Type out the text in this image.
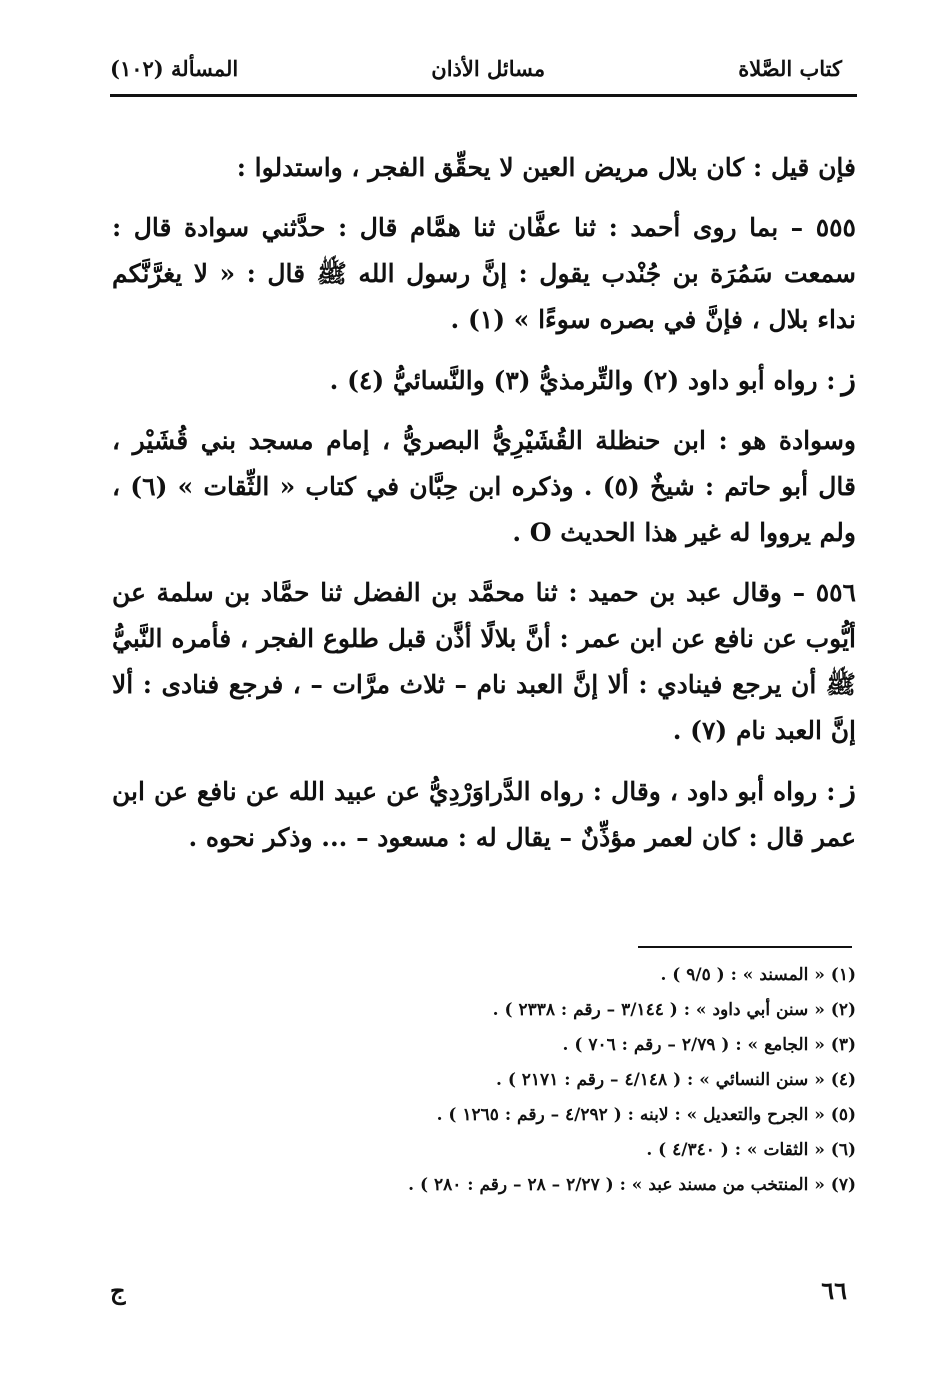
كتاب الصَّلاة
مسائل الأذان
المسألة (١٠٢)

فإن قيل : كان بلال مريض العين لا يحقِّق الفجر ، واستدلوا :

٥٥٥ – بما روى أحمد : ثنا عفَّان ثنا همَّام قال : حدَّثني سوادة قال : سمعت سَمُرَة بن جُنْدب يقول : إنَّ رسول الله ﷺ قال : « لا يغرَّنَّكم نداء بلال ، فإنَّ في بصره سوءًا » (١) .

ز: رواه أبو داود (٢) والتِّرمذيُّ (٣) والنَّسائيُّ (٤) .

وسوادة هو : ابن حنظلة القُشَيْرِيُّ البصريُّ ، إمام مسجد بني قُشَيْر ، قال أبو حاتم : شيخٌ (٥) . وذكره ابن حِبَّان في كتاب « الثِّقات » (٦) ، ولم يرووا له غير هذا الحديث O .

٥٥٦ – وقال عبد بن حميد : ثنا محمَّد بن الفضل ثنا حمَّاد بن سلمة عن أيُّوب عن نافع عن ابن عمر : أنَّ بلالًا أذَّن قبل طلوع الفجر ، فأمره النَّبيُّ ﷺ أن يرجع فينادي : ألا إنَّ العبد نام – ثلاث مرَّات – ، فرجع فنادى : ألا إنَّ العبد نام (٧) .

ز: رواه أبو داود ، وقال : رواه الدَّراوَرْدِيُّ عن عبيد الله عن نافع عن ابن عمر قال : كان لعمر مؤذِّنٌ – يقال له : مسعود – ... وذكر نحوه .

(١) « المسند » : ( ٩/٥ ) .
(٢) « سنن أبي داود » : ( ٣/١٤٤ – رقم : ٢٣٣٨ ) .
(٣) « الجامع » : ( ٢/٧٩ – رقم : ٧٠٦ ) .
(٤) « سنن النسائي » : ( ٤/١٤٨ – رقم : ٢١٧١ ) .
(٥) « الجرح والتعديل » : لابنه : ( ٤/٢٩٢ – رقم : ١٢٦٥ ) .
(٦) « الثقات » : ( ٤/٣٤٠ ) .
(٧) « المنتخب من مسند عبد » : ( ٢/٢٧ – ٢٨ – رقم : ٢٨٠ ) .
٦٦
ج
